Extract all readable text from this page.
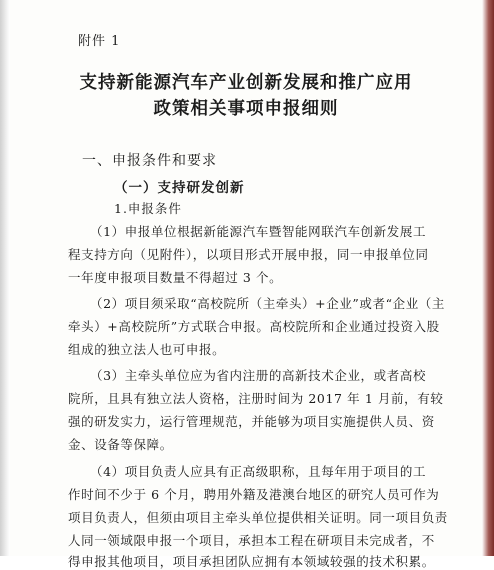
附件 1
支持新能源汽车产业创新发展和推广应用
政策相关事项申报细则
一、申报条件和要求
（一）支持研发创新
1.申报条件
（1）申报单位根据新能源汽车暨智能网联汽车创新发展工
程支持方向（见附件），以项目形式开展申报，同一申报单位同
一年度申报项目数量不得超过 3 个。
（2）项目须采取“高校院所（主牵头）+企业”或者“企业（主
牵头）+高校院所”方式联合申报。高校院所和企业通过投资入股
组成的独立法人也可申报。
（3）主牵头单位应为省内注册的高新技术企业，或者高校
院所，且具有独立法人资格，注册时间为 2017 年 1 月前，有较
强的研发实力，运行管理规范，并能够为项目实施提供人员、资
金、设备等保障。
（4）项目负责人应具有正高级职称，且每年用于项目的工
作时间不少于 6 个月，聘用外籍及港澳台地区的研究人员可作为
项目负责人，但须由项目主牵头单位提供相关证明。同一项目负责
人同一领域限申报一个项目，承担本工程在研项目未完成者，不
得申报其他项目，项目承担团队应拥有本领域较强的技术积累。
